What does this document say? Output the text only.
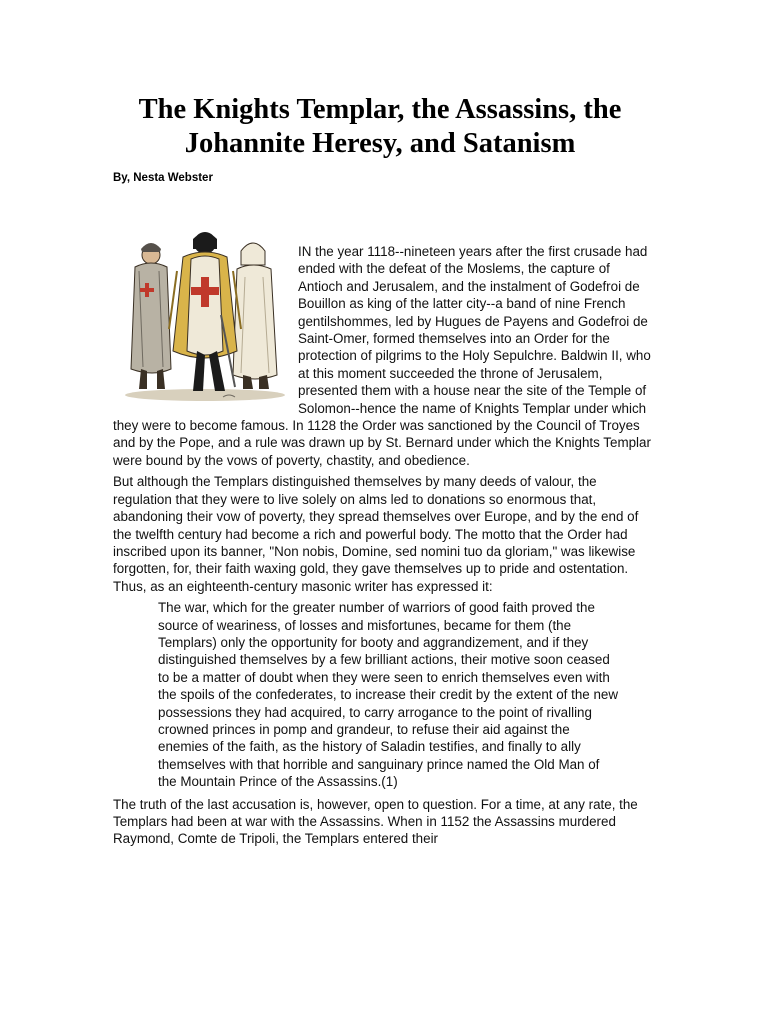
The Knights Templar, the Assassins, the Johannite Heresy, and Satanism

By, Nesta Webster

IN the year 1118--nineteen years after the first crusade had ended with the defeat of the Moslems, the capture of Antioch and Jerusalem, and the instalment of Godefroi de Bouillon as king of the latter city--a band of nine French gentilshommes, led by Hugues de Payens and Godefroi de Saint-Omer, formed themselves into an Order for the protection of pilgrims to the Holy Sepulchre. Baldwin II, who at this moment succeeded the throne of Jerusalem, presented them with a house near the site of the Temple of Solomon--hence the name of Knights Templar under which they were to become famous. In 1128 the Order was sanctioned by the Council of Troyes and by the Pope, and a rule was drawn up by St. Bernard under which the Knights Templar were bound by the vows of poverty, chastity, and obedience.

But although the Templars distinguished themselves by many deeds of valour, the regulation that they were to live solely on alms led to donations so enormous that, abandoning their vow of poverty, they spread themselves over Europe, and by the end of the twelfth century had become a rich and powerful body. The motto that the Order had inscribed upon its banner, "Non nobis, Domine, sed nomini tuo da gloriam," was likewise forgotten, for, their faith waxing gold, they gave themselves up to pride and ostentation. Thus, as an eighteenth-century masonic writer has expressed it:

The war, which for the greater number of warriors of good faith proved the source of weariness, of losses and misfortunes, became for them (the Templars) only the opportunity for booty and aggrandizement, and if they distinguished themselves by a few brilliant actions, their motive soon ceased to be a matter of doubt when they were seen to enrich themselves even with the spoils of the confederates, to increase their credit by the extent of the new possessions they had acquired, to carry arrogance to the point of rivalling crowned princes in pomp and grandeur, to refuse their aid against the enemies of the faith, as the history of Saladin testifies, and finally to ally themselves with that horrible and sanguinary prince named the Old Man of the Mountain Prince of the Assassins.(1)

The truth of the last accusation is, however, open to question. For a time, at any rate, the Templars had been at war with the Assassins. When in 1152 the Assassins murdered Raymond, Comte de Tripoli, the Templars entered their
